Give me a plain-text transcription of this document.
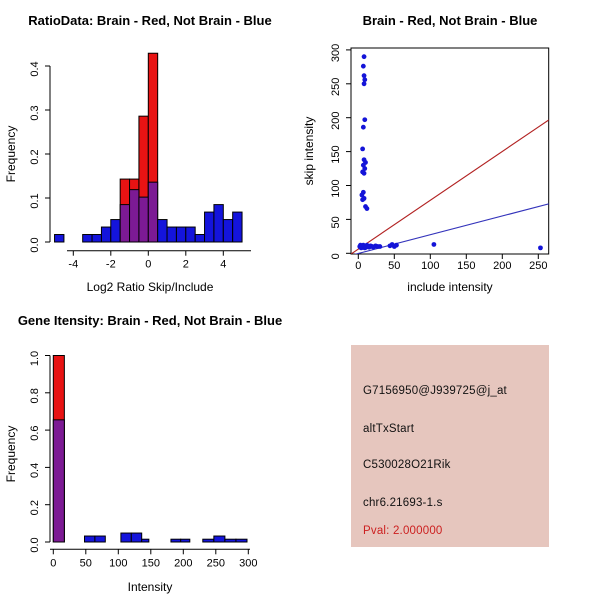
RatioData: Brain - Red, Not Brain - Blue
-4	-2	0	2	4
0.0
0.1
0.2
0.3
0.4
Log2 Ratio Skip/Include
Frequency
Brain - Red, Not Brain - Blue
0 50 100 150 200 250
0
50
100
150
200
250
300
include intensity
skip intensity
Gene Itensity: Brain - Red, Not Brain - Blue
0 50 100 150 200 250 300
0.0
0.2
0.4
0.6
0.8
1.0
Intensity
Frequency
G7156950@J939725@j_at
altTxStart
C530028O21Rik
chr6.21693-1.s
Pval: 2.000000
